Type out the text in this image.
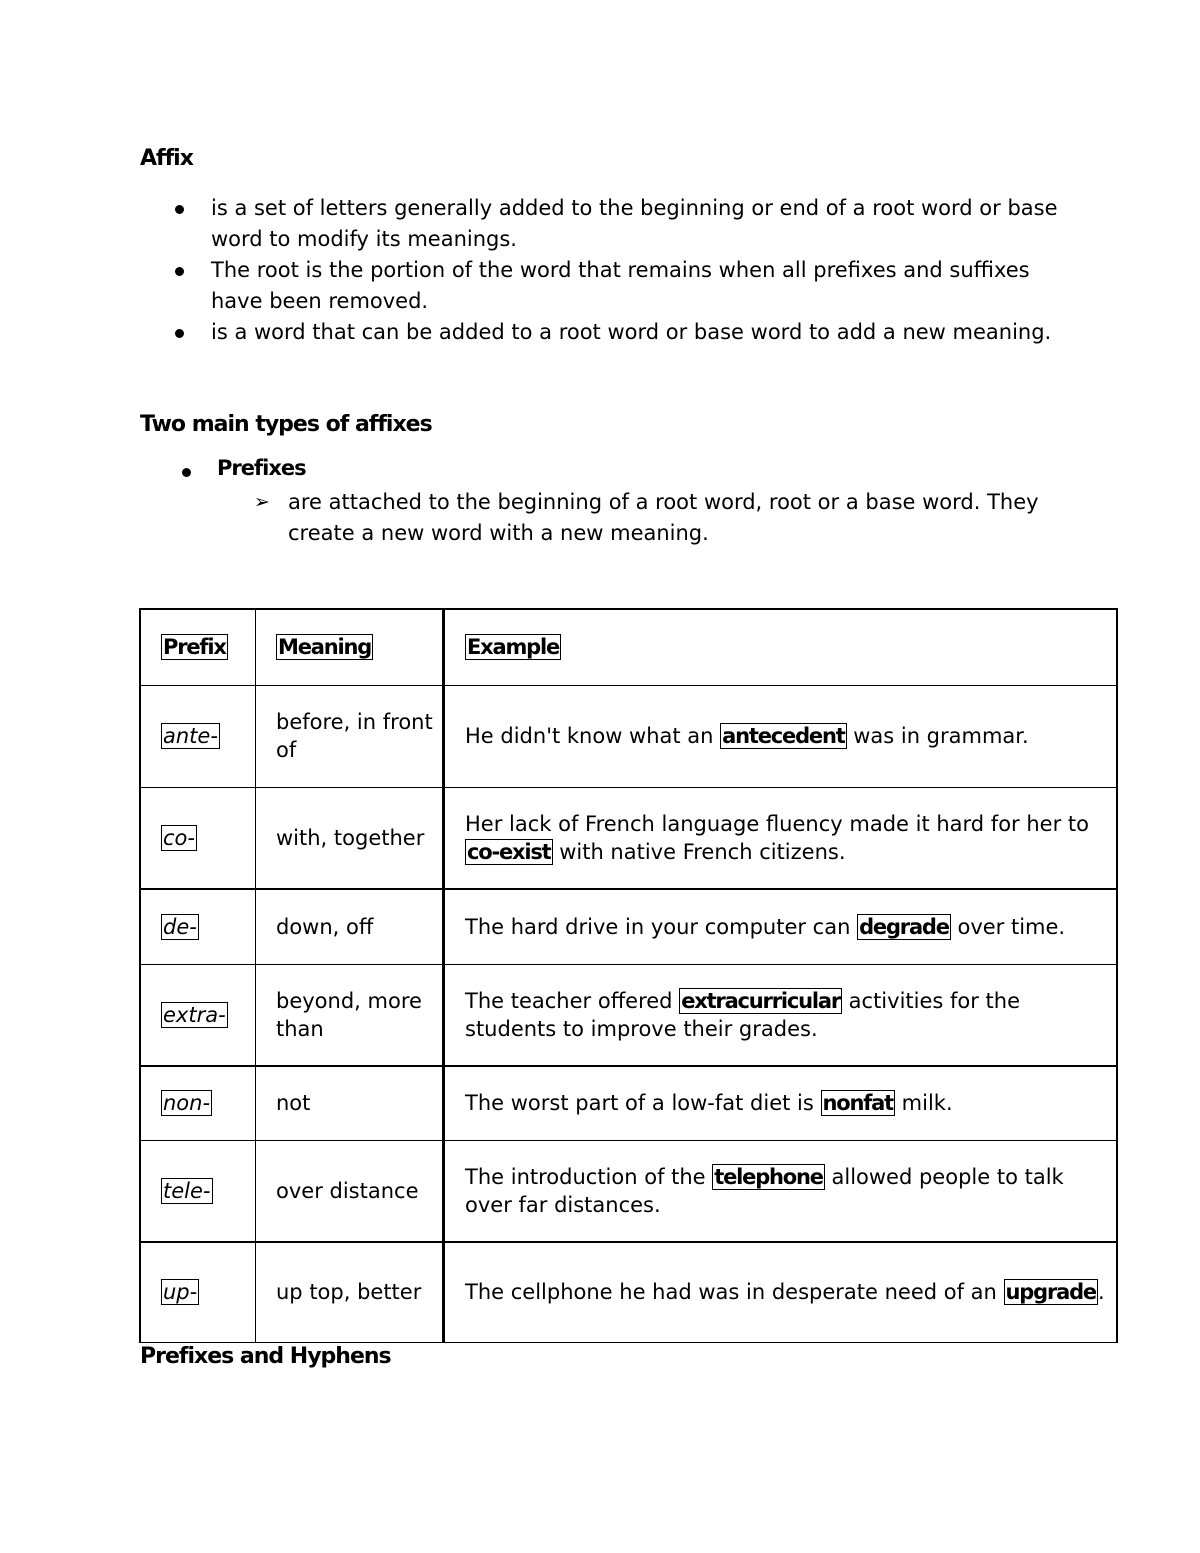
Affix
is a set of letters generally added to the beginning or end of a root word or base word to modify its meanings.
The root is the portion of the word that remains when all prefixes and suffixes have been removed.
is a word that can be added to a root word or base word to add a new meaning.
Two main types of affixes
Prefixes
➢ are attached to the beginning of a root word, root or a base word. They create a new word with a new meaning.
Prefix	Meaning	Example
ante-	before, in front of	He didn't know what an antecedent was in grammar.
co-	with, together	Her lack of French language fluency made it hard for her to co-exist with native French citizens.
de-	down, off	The hard drive in your computer can degrade over time.
extra-	beyond, more than	The teacher offered extracurricular activities for the students to improve their grades.
non-	not	The worst part of a low-fat diet is nonfat milk.
tele-	over distance	The introduction of the telephone allowed people to talk over far distances.
up-	up top, better	The cellphone he had was in desperate need of an upgrade.
Prefixes and Hyphens
